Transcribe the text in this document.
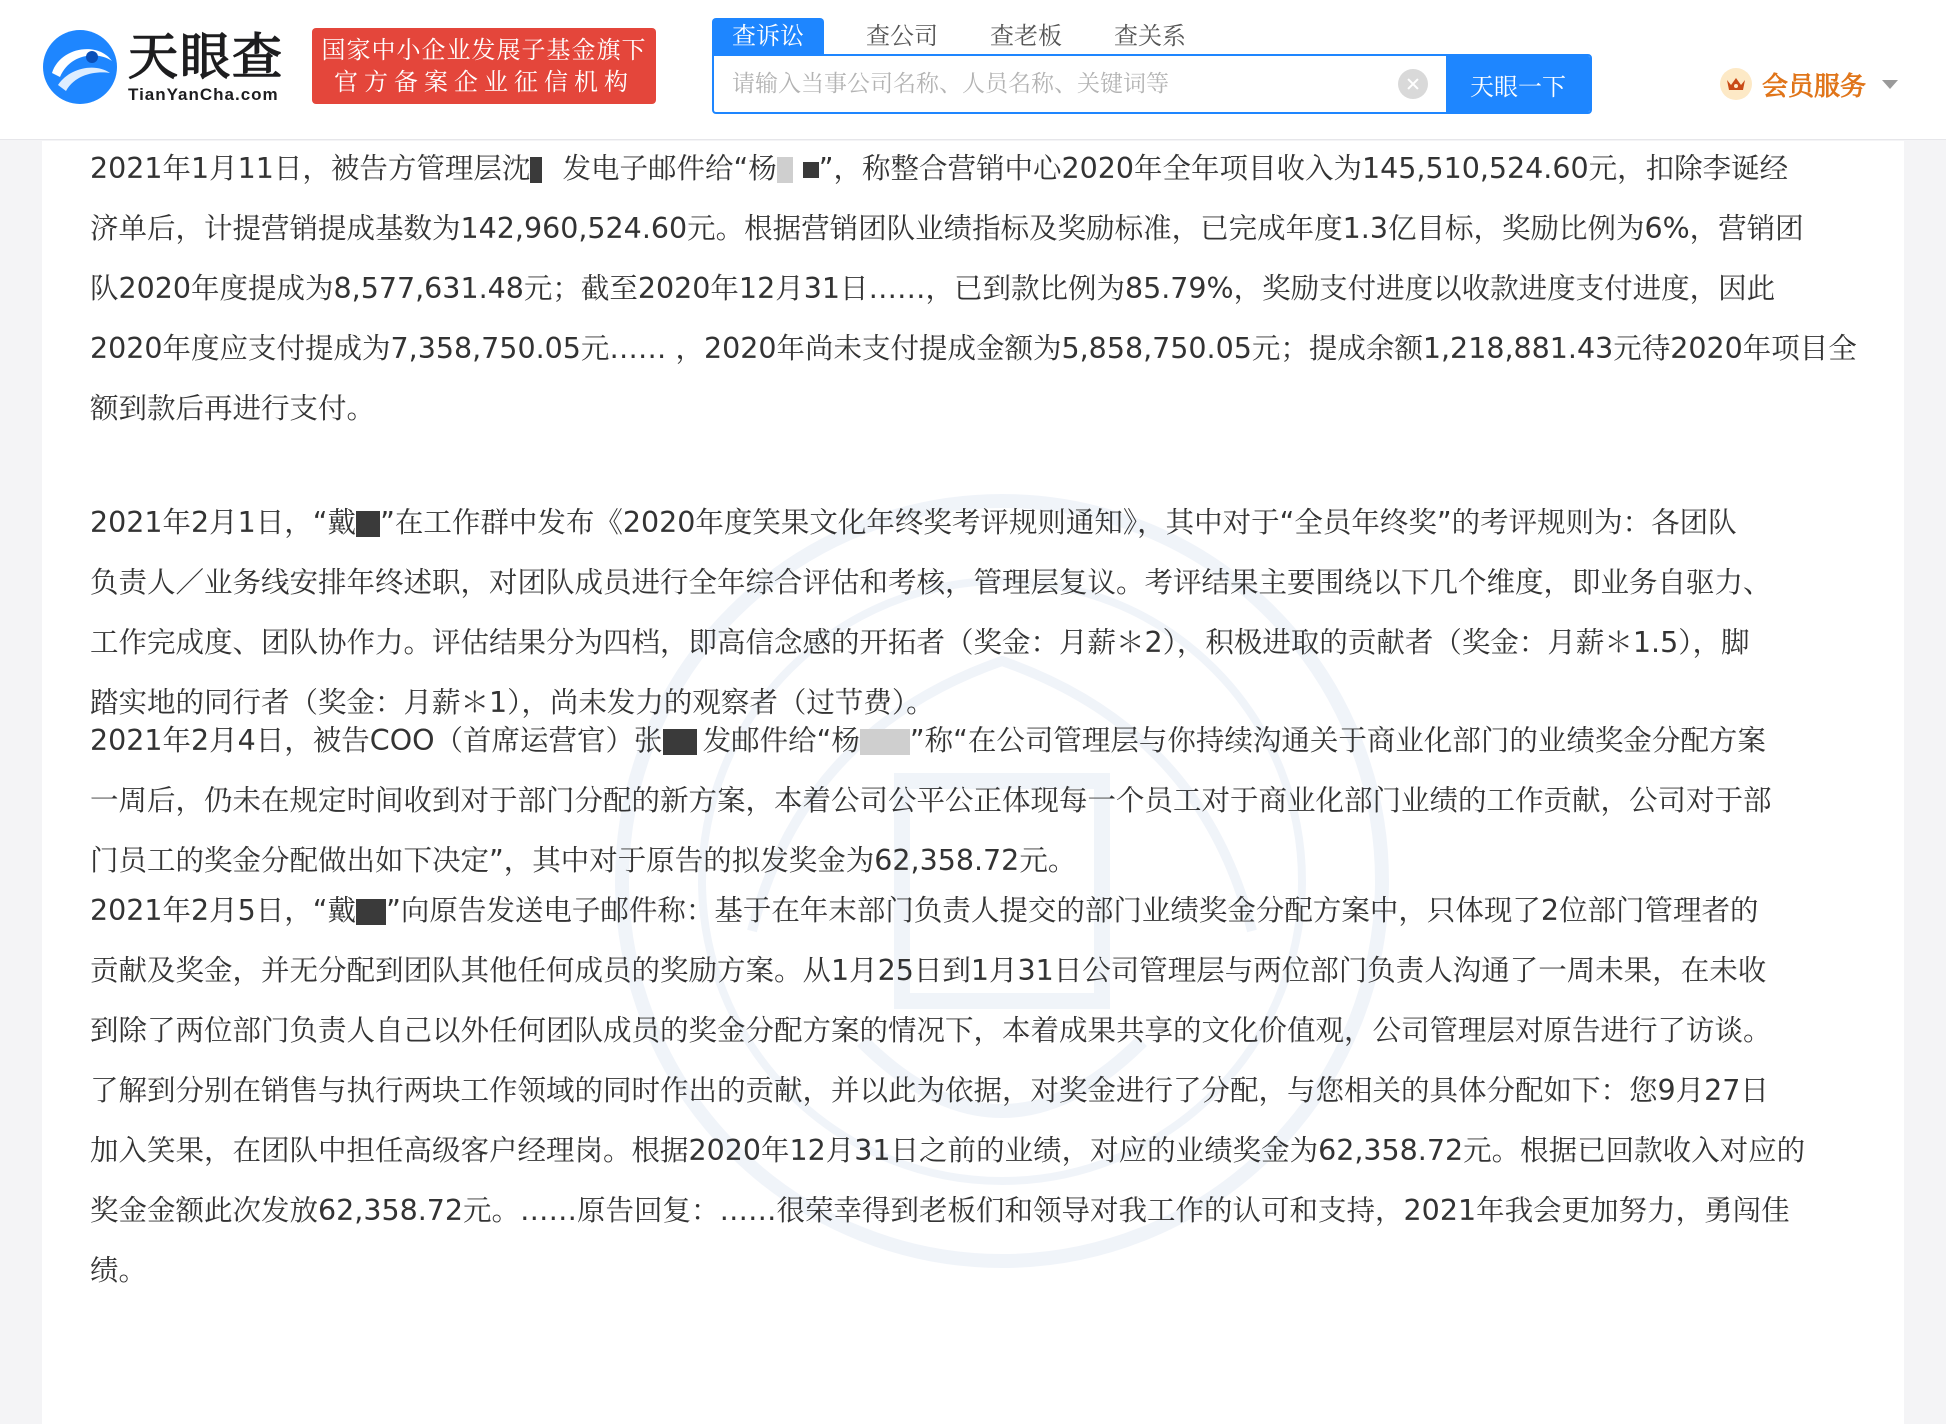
天眼查
TianYanCha.com
国家中小企业发展子基金旗下
官方备案企业征信机构
查诉讼	查公司	查老板	查关系
请输入当事公司名称、人员名称、关键词等
天眼一下	会员服务
2021年1月11日，被告方管理层沈 发电子邮件给“杨 ”，称整合营销中心2020年全年项目收入为145,510,524.60元，扣除李诞经
济单后，计提营销提成基数为142,960,524.60元。根据营销团队业绩指标及奖励标准，已完成年度1.3亿目标，奖励比例为6%，营销团
队2020年度提成为8,577,631.48元；截至2020年12月31日……，已到款比例为85.79%，奖励支付进度以收款进度支付进度，因此
2020年度应支付提成为7,358,750.05元…… ，2020年尚未支付提成金额为5,858,750.05元；提成余额1,218,881.43元待2020年项目全
额到款后再进行支付。
2021年2月1日，“戴 ”在工作群中发布《2020年度笑果文化年终奖考评规则通知》，其中对于“全员年终奖”的考评规则为：各团队
负责人／业务线安排年终述职，对团队成员进行全年综合评估和考核，管理层复议。考评结果主要围绕以下几个维度，即业务自驱力、
工作完成度、团队协作力。评估结果分为四档，即高信念感的开拓者（奖金：月薪＊2），积极进取的贡献者（奖金：月薪＊1.5），脚
踏实地的同行者（奖金：月薪＊1），尚未发力的观察者（过节费）。
2021年2月4日，被告COO（首席运营官）张 发邮件给“杨 ”称“在公司管理层与你持续沟通关于商业化部门的业绩奖金分配方案
一周后，仍未在规定时间收到对于部门分配的新方案，本着公司公平公正体现每一个员工对于商业化部门业绩的工作贡献，公司对于部
门员工的奖金分配做出如下决定”，其中对于原告的拟发奖金为62,358.72元。
2021年2月5日，“戴 ”向原告发送电子邮件称：基于在年末部门负责人提交的部门业绩奖金分配方案中，只体现了2位部门管理者的
贡献及奖金，并无分配到团队其他任何成员的奖励方案。从1月25日到1月31日公司管理层与两位部门负责人沟通了一周未果，在未收
到除了两位部门负责人自己以外任何团队成员的奖金分配方案的情况下，本着成果共享的文化价值观，公司管理层对原告进行了访谈。
了解到分别在销售与执行两块工作领域的同时作出的贡献，并以此为依据，对奖金进行了分配，与您相关的具体分配如下：您9月27日
加入笑果，在团队中担任高级客户经理岗。根据2020年12月31日之前的业绩，对应的业绩奖金为62,358.72元。根据已回款收入对应的
奖金金额此次发放62,358.72元。……原告回复：……很荣幸得到老板们和领导对我工作的认可和支持，2021年我会更加努力，勇闯佳
绩。
